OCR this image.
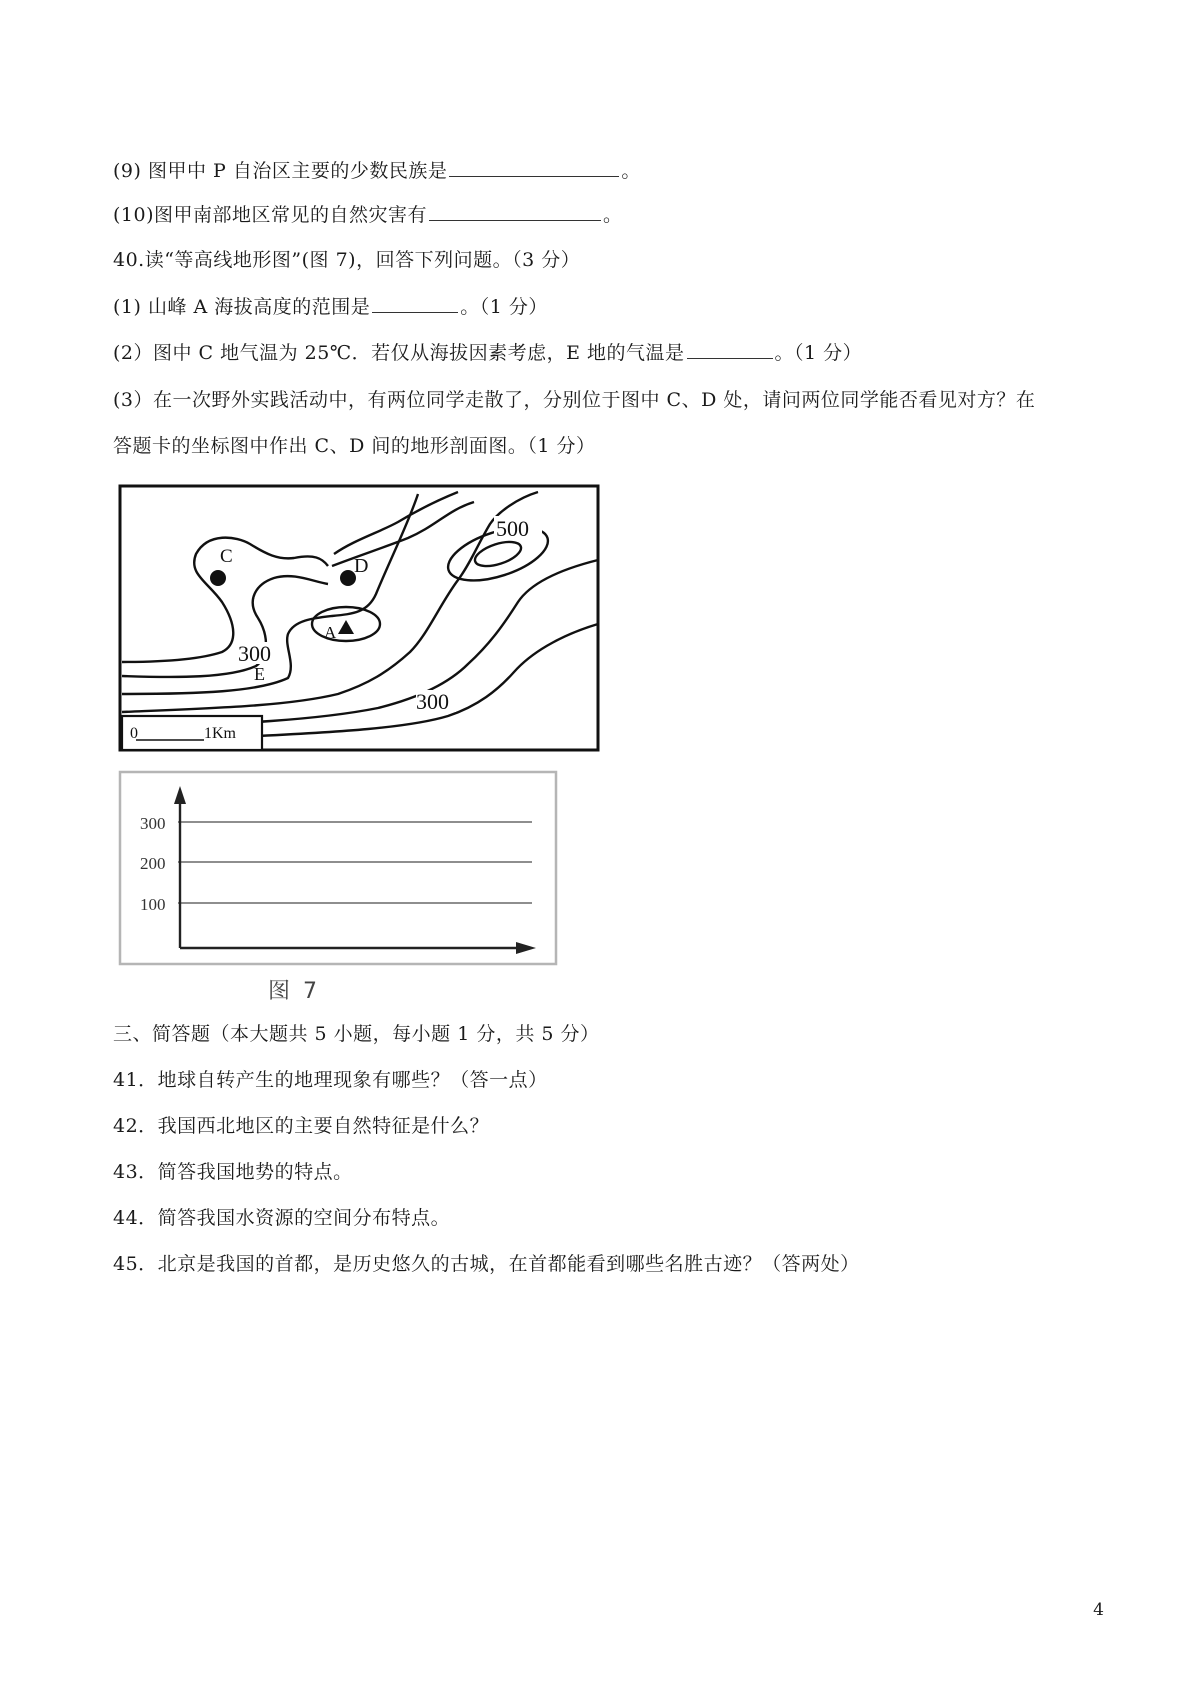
(9) 图甲中 P 自治区主要的少数民族是	。
(10)图甲南部地区常见的自然灾害有	。
40.读“等高线地形图”(图 7)，回答下列问题。（3 分）
(1) 山峰 A 海拔高度的范围是	。（1 分）
(2）图中 C 地气温为 25℃．若仅从海拔因素考虑，E 地的气温是	。（1 分）
(3）在一次野外实践活动中，有两位同学走散了，分别位于图中 C、D 处，请问两位同学能否看见对方？在
答题卡的坐标图中作出 C、D 间的地形剖面图。（1 分）
C	D
A
E
500
300
300
0	1Km
300
200
100
图 7
三、简答题（本大题共 5 小题，每小题 1 分，共 5 分）
41．地球自转产生的地理现象有哪些？（答一点）
42．我国西北地区的主要自然特征是什么？
43．简答我国地势的特点。
44．简答我国水资源的空间分布特点。
45．北京是我国的首都，是历史悠久的古城，在首都能看到哪些名胜古迹？（答两处）
4
